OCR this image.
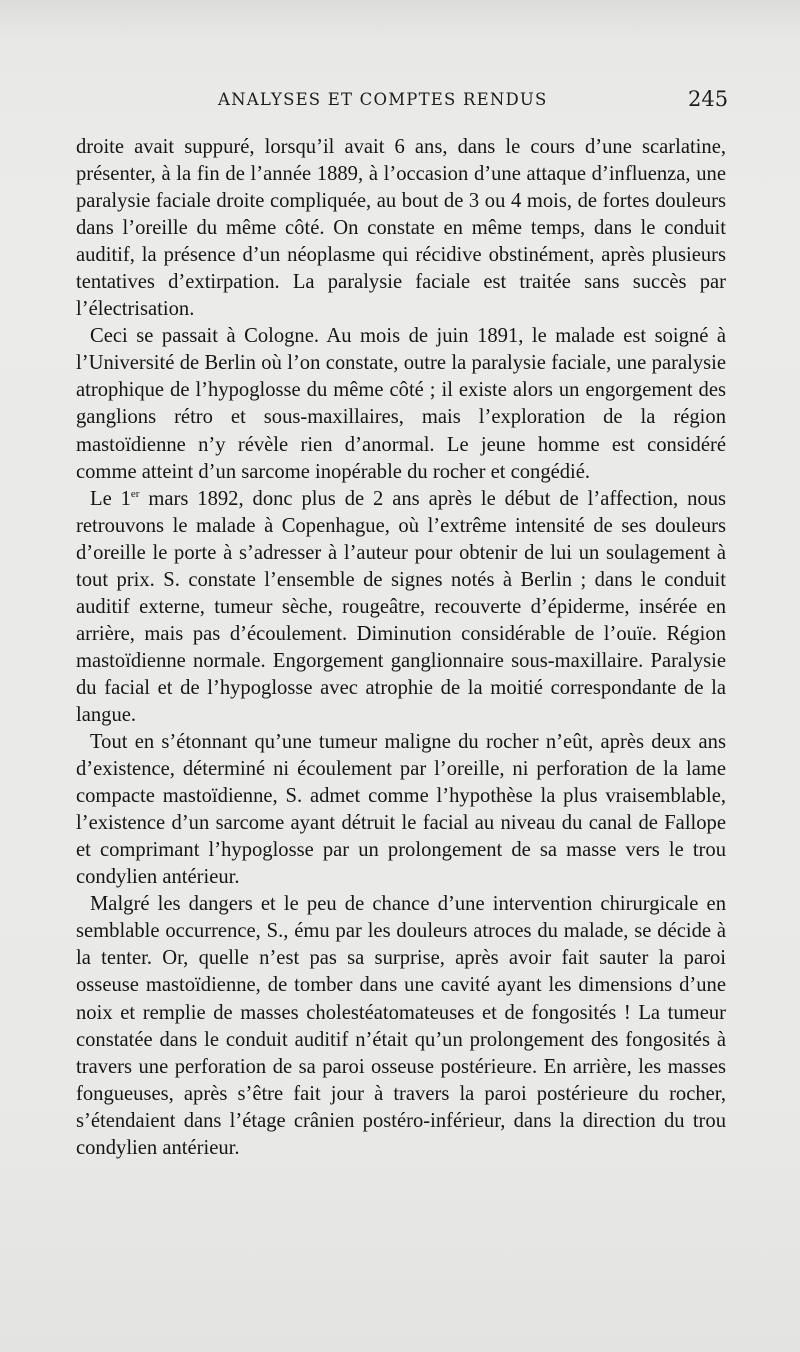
ANALYSES ET COMPTES RENDUS	245

droite avait suppuré, lorsqu’il avait 6 ans, dans le cours d’une scarlatine, présenter, à la fin de l’année 1889, à l’occasion d’une attaque d’influenza, une paralysie faciale droite compliquée, au bout de 3 ou 4 mois, de fortes douleurs dans l’oreille du même côté. On constate en même temps, dans le conduit auditif, la présence d’un néoplasme qui récidive obstinément, après plusieurs tentatives d’extirpation. La paralysie faciale est traitée sans succès par l’électrisation.

Ceci se passait à Cologne. Au mois de juin 1891, le malade est soigné à l’Université de Berlin où l’on constate, outre la paralysie faciale, une paralysie atrophique de l’hypoglosse du même côté ; il existe alors un engorgement des ganglions rétro et sous-maxillaires, mais l’exploration de la région mastoïdienne n’y révèle rien d’anormal. Le jeune homme est considéré comme atteint d’un sarcome inopérable du rocher et congédié.

Le 1er mars 1892, donc plus de 2 ans après le début de l’affection, nous retrouvons le malade à Copenhague, où l’extrême intensité de ses douleurs d’oreille le porte à s’adresser à l’auteur pour obtenir de lui un soulagement à tout prix. S. constate l’ensemble de signes notés à Berlin ; dans le conduit auditif externe, tumeur sèche, rougeâtre, recouverte d’épiderme, insérée en arrière, mais pas d’écoulement. Diminution considérable de l’ouïe. Région mastoïdienne normale. Engorgement ganglionnaire sous-maxillaire. Paralysie du facial et de l’hypoglosse avec atrophie de la moitié correspondante de la langue.

Tout en s’étonnant qu’une tumeur maligne du rocher n’eût, après deux ans d’existence, déterminé ni écoulement par l’oreille, ni perforation de la lame compacte mastoïdienne, S. admet comme l’hypothèse la plus vraisemblable, l’existence d’un sarcome ayant détruit le facial au niveau du canal de Fallope et comprimant l’hypoglosse par un prolongement de sa masse vers le trou condylien antérieur.

Malgré les dangers et le peu de chance d’une intervention chirurgicale en semblable occurrence, S., ému par les douleurs atroces du malade, se décide à la tenter. Or, quelle n’est pas sa surprise, après avoir fait sauter la paroi osseuse mastoïdienne, de tomber dans une cavité ayant les dimensions d’une noix et remplie de masses cholestéatomateuses et de fongosités ! La tumeur constatée dans le conduit auditif n’était qu’un prolongement des fongosités à travers une perforation de sa paroi osseuse postérieure. En arrière, les masses fongueuses, après s’être fait jour à travers la paroi postérieure du rocher, s’étendaient dans l’étage crânien postéro-inférieur, dans la direction du trou condylien antérieur.
